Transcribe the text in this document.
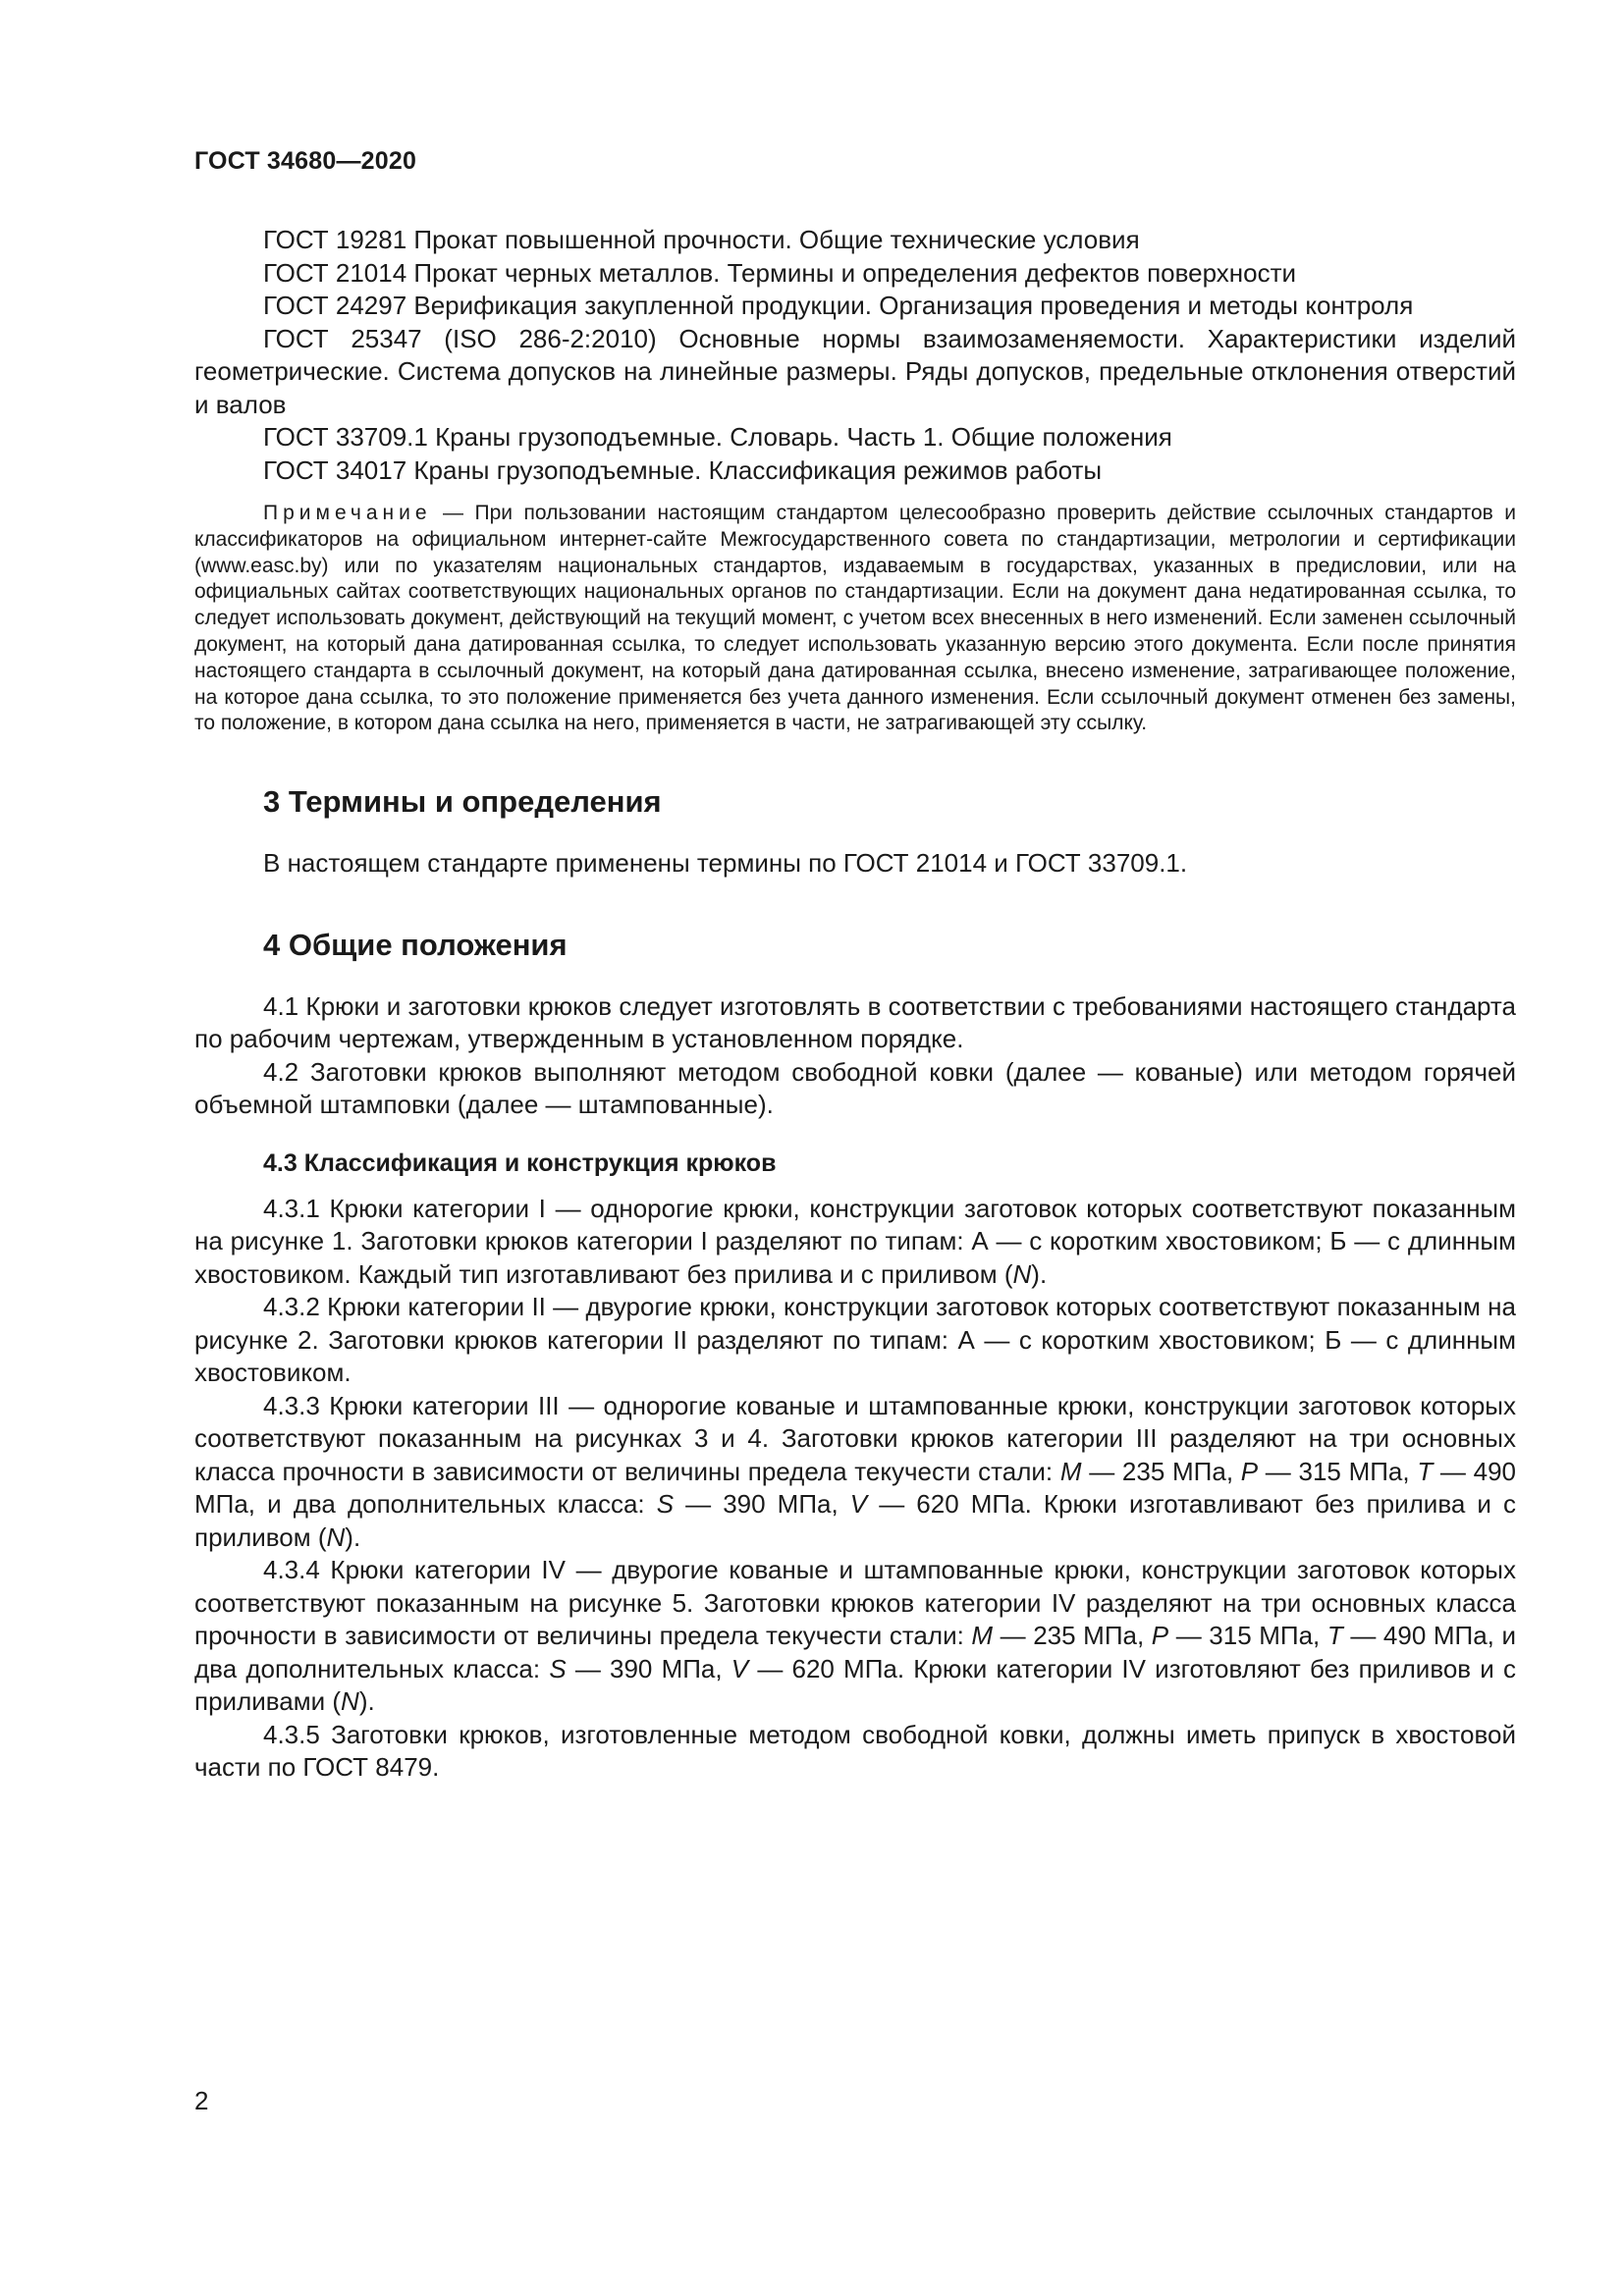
ГОСТ 34680—2020

ГОСТ 19281 Прокат повышенной прочности. Общие технические условия

ГОСТ 21014 Прокат черных металлов. Термины и определения дефектов поверхности

ГОСТ 24297 Верификация закупленной продукции. Организация проведения и методы контроля

ГОСТ 25347 (ISO 286-2:2010) Основные нормы взаимозаменяемости. Характеристики изделий геометрические. Система допусков на линейные размеры. Ряды допусков, предельные отклонения отверстий и валов

ГОСТ 33709.1 Краны грузоподъемные. Словарь. Часть 1. Общие положения

ГОСТ 34017 Краны грузоподъемные. Классификация режимов работы

Примечание — При пользовании настоящим стандартом целесообразно проверить действие ссылочных стандартов и классификаторов на официальном интернет-сайте Межгосударственного совета по стандартизации, метрологии и сертификации (www.easc.by) или по указателям национальных стандартов, издаваемым в государствах, указанных в предисловии, или на официальных сайтах соответствующих национальных органов по стандартизации. Если на документ дана недатированная ссылка, то следует использовать документ, действующий на текущий момент, с учетом всех внесенных в него изменений. Если заменен ссылочный документ, на который дана датированная ссылка, то следует использовать указанную версию этого документа. Если после принятия настоящего стандарта в ссылочный документ, на который дана датированная ссылка, внесено изменение, затрагивающее положение, на которое дана ссылка, то это положение применяется без учета данного изменения. Если ссылочный документ отменен без замены, то положение, в котором дана ссылка на него, применяется в части, не затрагивающей эту ссылку.
3 Термины и определения

В настоящем стандарте применены термины по ГОСТ 21014 и ГОСТ 33709.1.

4 Общие положения

4.1 Крюки и заготовки крюков следует изготовлять в соответствии с требованиями настоящего стандарта по рабочим чертежам, утвержденным в установленном порядке.

4.2 Заготовки крюков выполняют методом свободной ковки (далее — кованые) или методом горячей объемной штамповки (далее — штампованные).

4.3 Классификация и конструкция крюков

4.3.1 Крюки категории I — однорогие крюки, конструкции заготовок которых соответствуют показанным на рисунке 1. Заготовки крюков категории I разделяют по типам: А — с коротким хвостовиком; Б — с длинным хвостовиком. Каждый тип изготавливают без прилива и с приливом (N).

4.3.2 Крюки категории II — двурогие крюки, конструкции заготовок которых соответствуют показанным на рисунке 2. Заготовки крюков категории II разделяют по типам: А — с коротким хвостовиком; Б — с длинным хвостовиком.

4.3.3 Крюки категории III — однорогие кованые и штампованные крюки, конструкции заготовок которых соответствуют показанным на рисунках 3 и 4. Заготовки крюков категории III разделяют на три основных класса прочности в зависимости от величины предела текучести стали: M — 235 МПа, P — 315 МПа, T — 490 МПа, и два дополнительных класса: S — 390 МПа, V — 620 МПа. Крюки изготавливают без прилива и с приливом (N).

4.3.4 Крюки категории IV — двурогие кованые и штампованные крюки, конструкции заготовок которых соответствуют показанным на рисунке 5. Заготовки крюков категории IV разделяют на три основных класса прочности в зависимости от величины предела текучести стали: M — 235 МПа, P — 315 МПа, T — 490 МПа, и два дополнительных класса: S — 390 МПа, V — 620 МПа. Крюки категории IV изготовляют без приливов и с приливами (N).

4.3.5 Заготовки крюков, изготовленные методом свободной ковки, должны иметь припуск в хвостовой части по ГОСТ 8479.

2
